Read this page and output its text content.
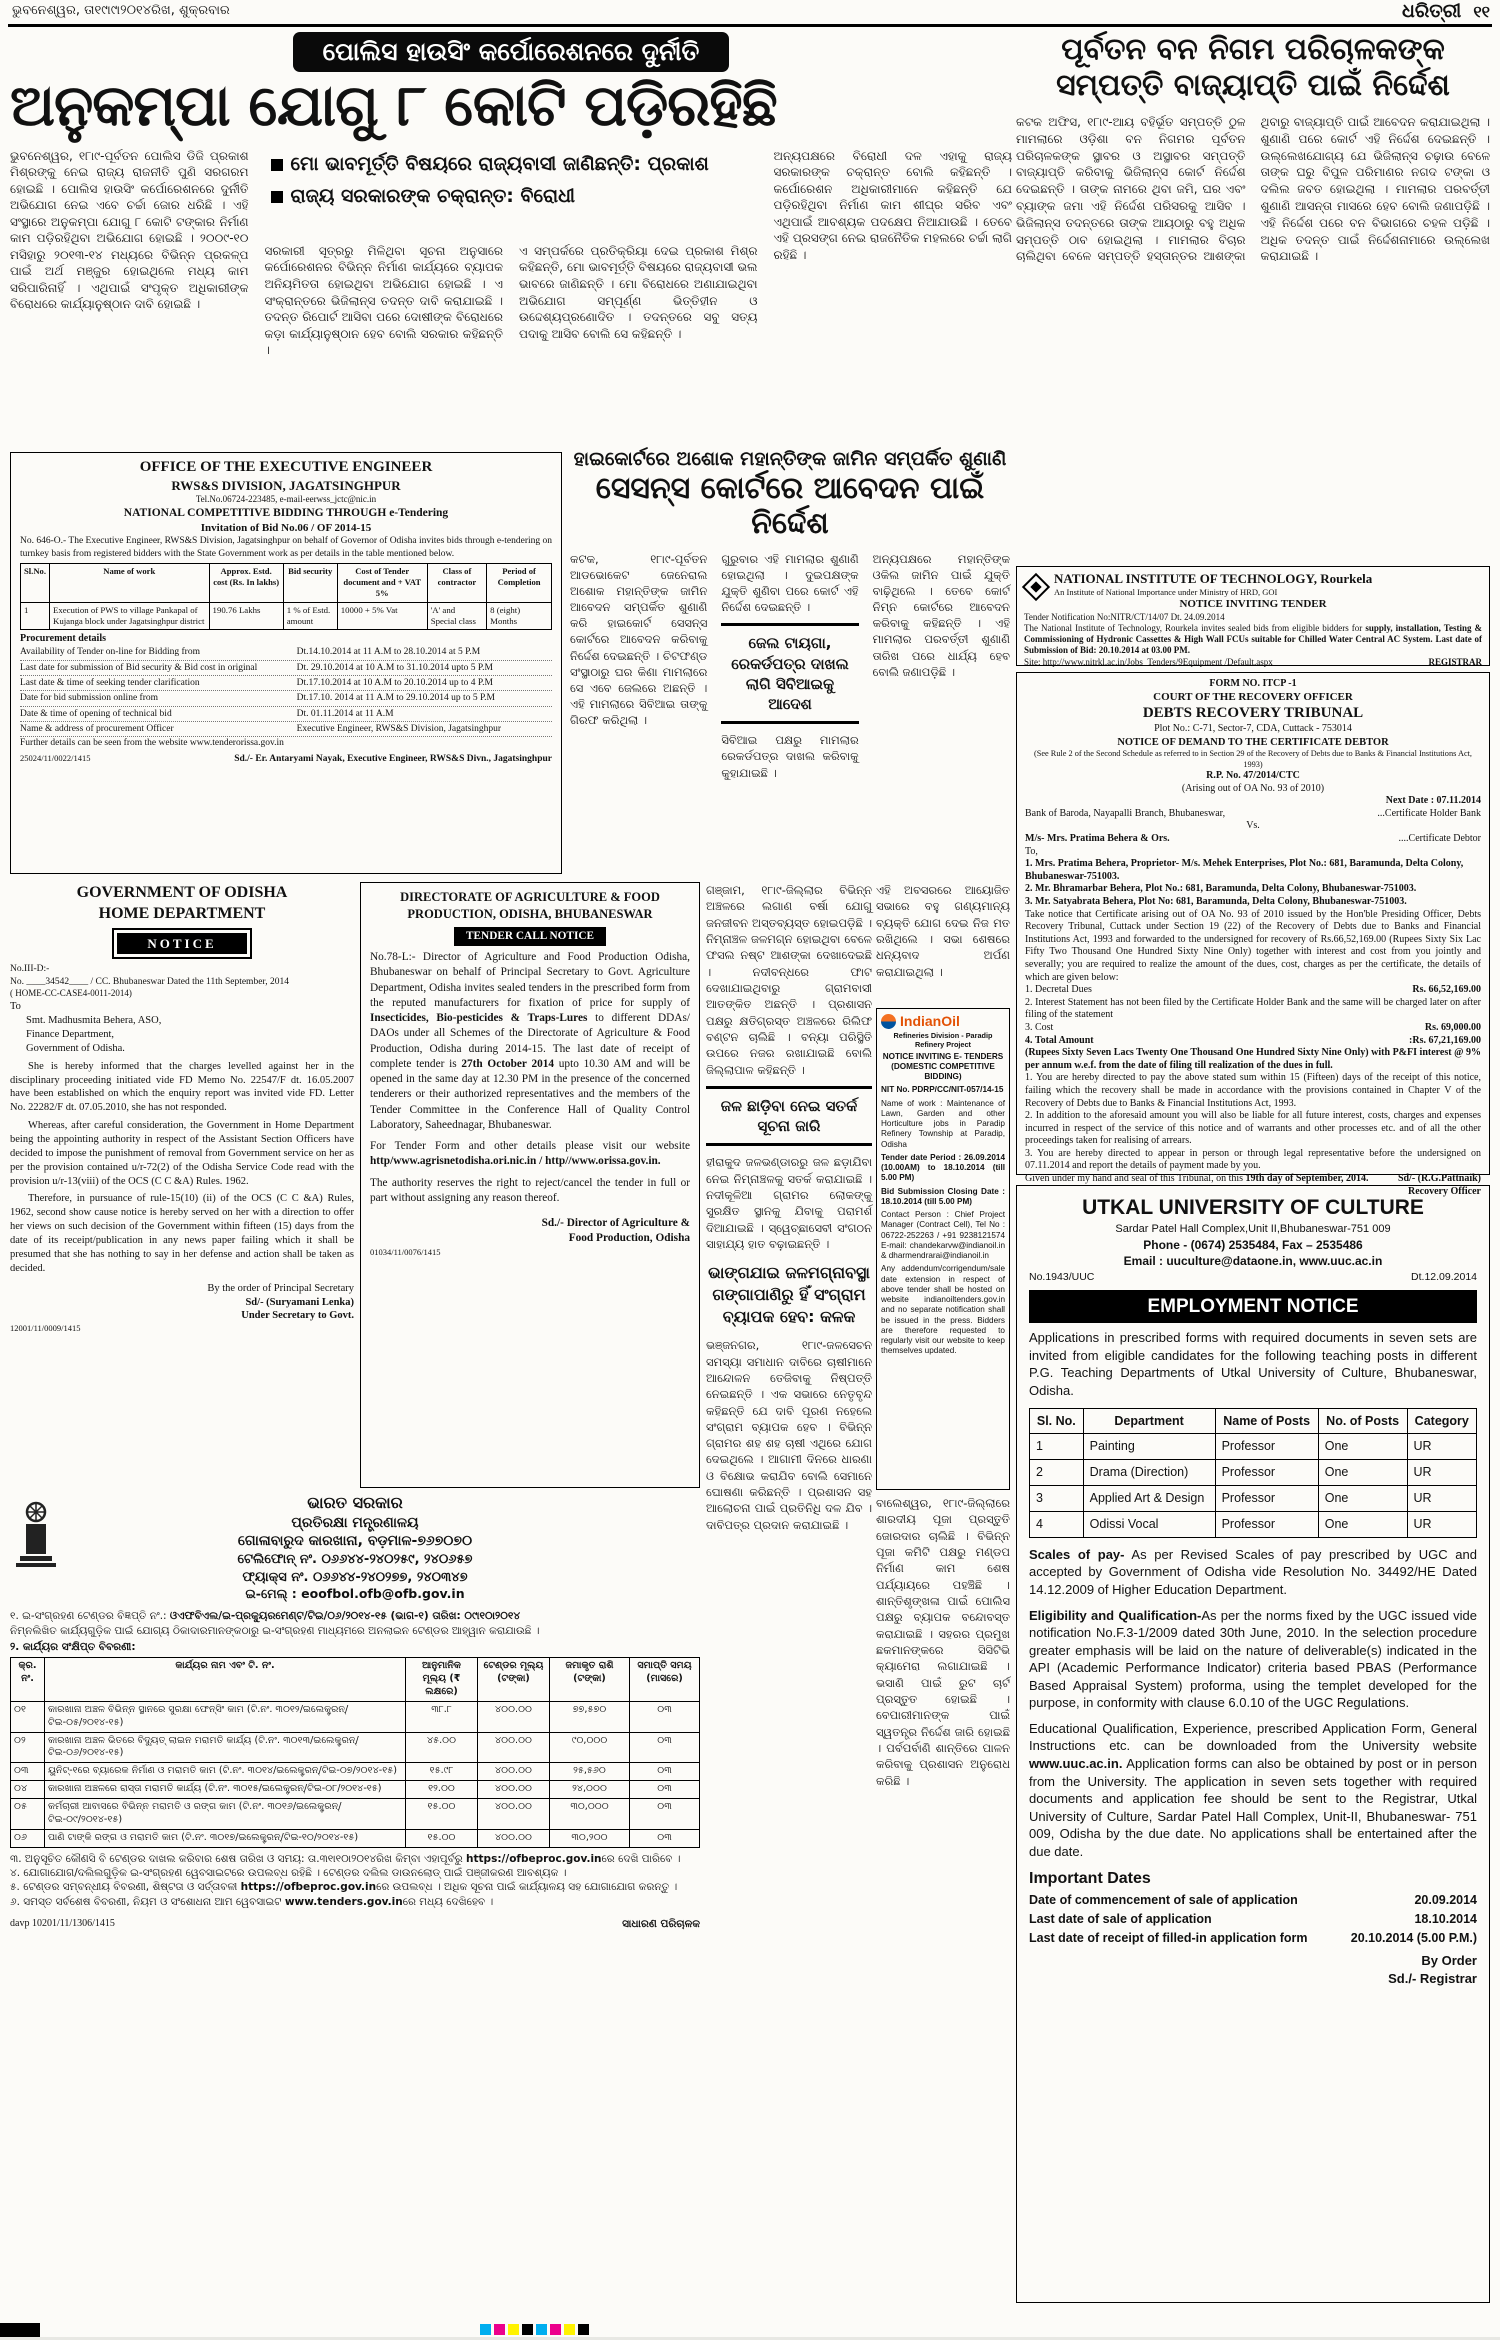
ଭୁବନେଶ୍ୱର, ତା୧୯ା୯ା୨୦୧୪ରିଖ, ଶୁକ୍ରବାର	ଧରିତ୍ରୀ ୧୧
ପୋଲିସ ହାଉସିଂ କର୍ପୋରେଶନରେ ଦୁର୍ନୀତି
ଅନୁକମ୍ପା ଯୋଗୁ ୮ କୋଟି ପଡ଼ିରହିଛି
ଭୁବନେଶ୍ୱର, ୧୮ା୯-ପୂର୍ବତନ ପୋଲିସ ଡିଜି ପ୍ରକାଶ ମିଶ୍ରଙ୍କୁ ନେଇ ରାଜ୍ୟ ରାଜନୀତି ପୁଣି ସରଗରମ ହୋଇଛି । ପୋଲିସ ହାଉସିଂ କର୍ପୋରେଶନରେ ଦୁର୍ନୀତି ଅଭିଯୋଗ ନେଇ ଏବେ ଚର୍ଚ୍ଚା ଜୋର ଧରିଛି । ଏହି ସଂସ୍ଥାରେ ଅନୁକମ୍ପା ଯୋଗୁ ୮ କୋଟି ଟଙ୍କାର ନିର୍ମାଣ କାମ ପଡ଼ିରହିଥିବା ଅଭିଯୋଗ ହୋଇଛି । ୨୦୦୯-୧୦ ମସିହାରୁ ୨୦୧୩-୧୪ ମଧ୍ୟରେ ବିଭିନ୍ନ ପ୍ରକଳ୍ପ ପାଇଁ ଅର୍ଥ ମଞ୍ଜୁର ହୋଇଥିଲେ ମଧ୍ୟ କାମ ସରିପାରିନାହିଁ । ଏଥିପାଇଁ ସଂପୃକ୍ତ ଅଧିକାରୀଙ୍କ ବିରୋଧରେ କାର୍ଯ୍ୟାନୁଷ୍ଠାନ ଦାବି ହୋଇଛି ।
ମୋ ଭାବମୂର୍ତ୍ତି ବିଷୟରେ ରାଜ୍ୟବାସୀ ଜାଣିଛନ୍ତି: ପ୍ରକାଶ
ରାଜ୍ୟ ସରକାରଙ୍କ ଚକ୍ରାନ୍ତ: ବିରୋଧୀ
ସରକାରୀ ସୂତ୍ରରୁ ମିଳିଥିବା ସୂଚନା ଅନୁସାରେ କର୍ପୋରେଶନର ବିଭିନ୍ନ ନିର୍ମାଣ କାର୍ଯ୍ୟରେ ବ୍ୟାପକ ଅନିୟମିତତା ହୋଇଥିବା ଅଭିଯୋଗ ହୋଇଛି । ଏ ସଂକ୍ରାନ୍ତରେ ଭିଜିଲାନ୍ସ ତଦନ୍ତ ଦାବି କରାଯାଇଛି । ତଦନ୍ତ ରିପୋର୍ଟ ଆସିବା ପରେ ଦୋଷୀଙ୍କ ବିରୋଧରେ କଡ଼ା କାର୍ଯ୍ୟାନୁଷ୍ଠାନ ହେବ ବୋଲି ସରକାର କହିଛନ୍ତି ।
ଏ ସମ୍ପର୍କରେ ପ୍ରତିକ୍ରିୟା ଦେଇ ପ୍ରକାଶ ମିଶ୍ର କହିଛନ୍ତି, ମୋ ଭାବମୂର୍ତ୍ତି ବିଷୟରେ ରାଜ୍ୟବାସୀ ଭଲ ଭାବରେ ଜାଣିଛନ୍ତି । ମୋ ବିରୋଧରେ ଅଣାଯାଇଥିବା ଅଭିଯୋଗ ସମ୍ପୂର୍ଣ୍ଣ ଭିତ୍ତିହୀନ ଓ ଉଦ୍ଦେଶ୍ୟପ୍ରଣୋଦିତ । ତଦନ୍ତରେ ସବୁ ସତ୍ୟ ପଦାକୁ ଆସିବ ବୋଲି ସେ କହିଛନ୍ତି ।
ଅନ୍ୟପକ୍ଷରେ ବିରୋଧୀ ଦଳ ଏହାକୁ ରାଜ୍ୟ ସରକାରଙ୍କ ଚକ୍ରାନ୍ତ ବୋଲି କହିଛନ୍ତି । କର୍ପୋରେଶନ ଅଧିକାରୀମାନେ କହିଛନ୍ତି ଯେ ପଡ଼ିରହିଥିବା ନିର୍ମାଣ କାମ ଶୀଘ୍ର ସରିବ ଏବଂ ଏଥିପାଇଁ ଆବଶ୍ୟକ ପଦକ୍ଷେପ ନିଆଯାଉଛି । ତେବେ ଏହି ପ୍ରସଙ୍ଗ ନେଇ ରାଜନୈତିକ ମହଲରେ ଚର୍ଚ୍ଚା ଲାଗି ରହିଛି ।
ପୂର୍ବତନ ବନ ନିଗମ ପରିଚାଳକଙ୍କ
ସମ୍ପତ୍ତି ବାଜ୍ୟାପ୍ତି ପାଇଁ ନିର୍ଦ୍ଦେଶ
କଟକ ଅଫିସ, ୧୮ା୯-ଆୟ ବହିର୍ଭୂତ ସମ୍ପତ୍ତି ଠୁଳ ମାମଲାରେ ଓଡ଼ିଶା ବନ ନିଗମର ପୂର୍ବତନ ପରିଚାଳକଙ୍କ ସ୍ଥାବର ଓ ଅସ୍ଥାବର ସମ୍ପତ୍ତି ବାଜ୍ୟାପ୍ତି କରିବାକୁ ଭିଜିଲାନ୍ସ କୋର୍ଟ ନିର୍ଦ୍ଦେଶ ଦେଇଛନ୍ତି । ତାଙ୍କ ନାମରେ ଥିବା ଜମି, ଘର ଏବଂ ବ୍ୟାଙ୍କ ଜମା ଏହି ନିର୍ଦ୍ଦେଶ ପରିସରକୁ ଆସିବ । ଭିଜିଲାନ୍ସ ତଦନ୍ତରେ ତାଙ୍କ ଆୟଠାରୁ ବହୁ ଅଧିକ ସମ୍ପତ୍ତି ଠାବ ହୋଇଥିଲା । ମାମଲାର ବିଚାର ଚାଲିଥିବା ବେଳେ ସମ୍ପତ୍ତି ହସ୍ତାନ୍ତର ଆଶଙ୍କା ଥିବାରୁ ବାଜ୍ୟାପ୍ତି ପାଇଁ ଆବେଦନ କରାଯାଇଥିଲା । ଶୁଣାଣି ପରେ କୋର୍ଟ ଏହି ନିର୍ଦ୍ଦେଶ ଦେଇଛନ୍ତି । ଉଲ୍ଲେଖଯୋଗ୍ୟ ଯେ ଭିଜିଲାନ୍ସ ଚଢ଼ାଉ ବେଳେ ତାଙ୍କ ଘରୁ ବିପୁଳ ପରିମାଣର ନଗଦ ଟଙ୍କା ଓ ଦଲିଲ ଜବତ ହୋଇଥିଲା । ମାମଲାର ପରବର୍ତ୍ତୀ ଶୁଣାଣି ଆସନ୍ତା ମାସରେ ହେବ ବୋଲି ଜଣାପଡ଼ିଛି । ଏହି ନିର୍ଦ୍ଦେଶ ପରେ ବନ ବିଭାଗରେ ଚହଳ ପଡ଼ିଛି । ଅଧିକ ତଦନ୍ତ ପାଇଁ ନିର୍ଦ୍ଦେଶନାମାରେ ଉଲ୍ଲେଖ କରାଯାଇଛି ।
NATIONAL INSTITUTE OF TECHNOLOGY, Rourkela
An Institute of National Importance under Ministry of HRD, GOI
NOTICE INVITING TENDER
Tender Notification No:NITR/CT/14/07 Dt. 24.09.2014
The National Institute of Technology, Rourkela invites sealed bids from eligible bidders for supply, installation, Testing & Commissioning of Hydronic Cassettes & High Wall FCUs suitable for Chilled Water Central AC System. Last date of Submission of Bid: 20.10.2014 at 03.00 PM.
Site: http://www.nitrkl.ac.in/Jobs_Tenders/9Equipment /Default.aspx	REGISTRAR
FORM NO. ITCP -1
COURT OF THE RECOVERY OFFICER
DEBTS RECOVERY TRIBUNAL
Plot No.: C-71, Sector-7, CDA, Cuttack - 753014
NOTICE OF DEMAND TO THE CERTIFICATE DEBTOR
(See Rule 2 of the Second Schedule as referred to in Section 29 of the Recovery of Debts due to Banks & Financial Institutions Act, 1993)
R.P. No. 47/2014/CTC
(Arising out of OA No. 93 of 2010)
Next Date : 07.11.2014
Bank of Baroda, Nayapalli Branch, Bhubaneswar,	...Certificate Holder Bank
Vs.
M/s- Mrs. Pratima Behera & Ors.	....Certificate Debtor
To,
1. Mrs. Pratima Behera, Proprietor- M/s. Mehek Enterprises, Plot No.: 681, Baramunda, Delta Colony, Bhubaneswar-751003.
2. Mr. Bhramarbar Behera, Plot No.: 681, Baramunda, Delta Colony, Bhubaneswar-751003.
3. Mr. Satyabrata Behera, Plot No: 681, Baramunda, Delta Colony, Bhubaneswar-751003.
Take notice that Certificate arising out of OA No. 93 of 2010 issued by the Hon'ble Presiding Officer, Debts Recovery Tribunal, Cuttack under Section 19 (22) of the Recovery of Debts due to Banks and Financial Institutions Act, 1993 and forwarded to the undersigned for recovery of Rs.66,52,169.00 (Rupees Sixty Six Lac Fifty Two Thousand One Hundred Sixty Nine Only) together with interest and cost from you jointly and severally; you are required to realize the amount of the dues, cost, charges as per the certificate, the details of which are given below:
1. Decretal Dues	Rs. 66,52,169.00
2. Interest Statement has not been filed by the Certificate Holder Bank and the same will be charged later on after filing of the statement
3. Cost	Rs. 69,000.00
4. Total Amount	:Rs. 67,21,169.00
(Rupees Sixty Seven Lacs Twenty One Thousand One Hundred Sixty Nine Only) with P&FI interest @ 9% per annum w.e.f. from the date of filing till realization of the dues in full.
1. You are hereby directed to pay the above stated sum within 15 (Fifteen) days of the receipt of this notice, failing which the recovery shall be made in accordance with the provisions contained in Chapter V of the Recovery of Debts due to Banks & Financial Institutions Act, 1993.
2. In addition to the aforesaid amount you will also be liable for all future interest, costs, charges and expenses incurred in respect of the service of this notice and of warrants and other processes etc. and of all the other proceedings taken for realising of arrears.
3. You are hereby directed to appear in person or through legal representative before the undersigned on 07.11.2014 and report the details of payment made by you.
Given under my hand and seal of this Tribunal, on this 19th day of September, 2014.	Sd/- (R.G.Pattnaik)
Recovery Officer
OFFICE OF THE EXECUTIVE ENGINEER
RWS&S DIVISION, JAGATSINGHPUR
Tel.No.06724-223485, e-mail-eerwss_jctc@nic.in
NATIONAL COMPETITIVE BIDDING THROUGH e-Tendering
Invitation of Bid No.06 / OF 2014-15
No. 646-O.- The Executive Engineer, RWS&S Division, Jagatsinghpur on behalf of Governor of Odisha invites bids through e-tendering on turnkey basis from registered bidders with the State Government work as per details in the table mentioned below.
Sl.No.	Name of work	Approx. Estd. cost (Rs. In lakhs)	Bid security	Cost of Tender document and + VAT 5%	Class of contractor	Period of Completion
1	Execution of PWS to village Pankapal of Kujanga block under Jagatsinghpur district	190.76 Lakhs	1 % of Estd. amount	10000 + 5% Vat	'A' and Special class	8 (eight) Months
Procurement details
Availability of Tender on-line for Bidding from	Dt.14.10.2014 at 11 A.M to 28.10.2014 at 5 P.M
Last date for submission of Bid security & Bid cost in original	Dt. 29.10.2014 at 10 A.M to 31.10.2014 upto 5 P.M
Last date & time of seeking tender clarification	Dt.17.10.2014 at 10 A.M to 20.10.2014 up to 4 P.M
Date for bid submission online from	Dt.17.10. 2014 at 11 A.M to 29.10.2014 up to 5 P.M
Date & time of opening of technical bid	Dt. 01.11.2014 at 11 A.M
Name & address of procurement Officer	Executive Engineer, RWS&S Division, Jagatsinghpur
Further details can be seen from the website www.tenderorissa.gov.in
25024/11/0022/1415	Sd./- Er. Antaryami Nayak, Executive Engineer, RWS&S Divn., Jagatsinghpur
ହାଇକୋର୍ଟରେ ଅଶୋକ ମହାନ୍ତିଙ୍କ ଜାମିନ ସମ୍ପର୍କିତ ଶୁଣାଣି
ସେସନ୍ସ କୋର୍ଟରେ ଆବେଦନ ପାଇଁ ନିର୍ଦ୍ଦେଶ
କଟକ, ୧୮ା୯-ପୂର୍ବତନ ଆଡଭୋକେଟ ଜେନେରାଲ ଅଶୋକ ମହାନ୍ତିଙ୍କ ଜାମିନ ଆବେଦନ ସମ୍ପର୍କିତ ଶୁଣାଣି କରି ହାଇକୋର୍ଟ ସେସନ୍ସ କୋର୍ଟରେ ଆବେଦନ କରିବାକୁ ନିର୍ଦ୍ଦେଶ ଦେଇଛନ୍ତି । ଚିଟଫଣ୍ଡ ସଂସ୍ଥାଠାରୁ ଘର କିଣା ମାମଲାରେ ସେ ଏବେ ଜେଲରେ ଅଛନ୍ତି । ଏହି ମାମଲାରେ ସିବିଆଇ ତାଙ୍କୁ ଗିରଫ କରିଥିଲା ।
ଗୁରୁବାର ଏହି ମାମଲାର ଶୁଣାଣି ହୋଇଥିଲା । ଦୁଇପକ୍ଷଙ୍କ ଯୁକ୍ତି ଶୁଣିବା ପରେ କୋର୍ଟ ଏହି ନିର୍ଦ୍ଦେଶ ଦେଇଛନ୍ତି ।
ଜେଲ ଟାୟଗା, ରେକର୍ଡପତ୍ର ଦାଖଲ ଲାଗି ସିବିଆଇକୁ ଆଦେଶ
ସିବିଆଇ ପକ୍ଷରୁ ମାମଲାର ରେକର୍ଡପତ୍ର ଦାଖଲ କରିବାକୁ କୁହାଯାଇଛି ।
ଅନ୍ୟପକ୍ଷରେ ମହାନ୍ତିଙ୍କ ଓକିଲ ଜାମିନ ପାଇଁ ଯୁକ୍ତି ବାଢ଼ିଥିଲେ । ତେବେ କୋର୍ଟ ନିମ୍ନ କୋର୍ଟରେ ଆବେଦନ କରିବାକୁ କହିଛନ୍ତି । ଏହି ମାମଲାର ପରବର୍ତ୍ତୀ ଶୁଣାଣି ତାରିଖ ପରେ ଧାର୍ଯ୍ୟ ହେବ ବୋଲି ଜଣାପଡ଼ିଛି ।
GOVERNMENT OF ODISHA
HOME DEPARTMENT
NOTICE
No.III-D:-
No. ____34542____ / CC. Bhubaneswar Dated the 11th September, 2014
( HOME-CC-CASE4-0011-2014)
To
Smt. Madhusmita Behera, ASO,
Finance Department,
Government of Odisha.

She is hereby informed that the charges levelled against her in the disciplinary proceeding initiated vide FD Memo No. 22547/F dt. 16.05.2007 have been established on which the enquiry report was invited vide FD. Letter No. 22282/F dt. 07.05.2010, she has not responded.

Whereas, after careful consideration, the Government in Home Department being the appointing authority in respect of the Assistant Section Officers have decided to impose the punishment of removal from Government service on her as per the provision contained u/r-72(2) of the Odisha Service Code read with the provision u/r-13(viii) of the OCS (C C &A) Rules. 1962.

Therefore, in pursuance of rule-15(10) (ii) of the OCS (C C &A) Rules, 1962, second show cause notice is hereby served on her with a direction to offer her views on such decision of the Government within fifteen (15) days from the date of its receipt/publication in any news paper failing which it shall be presumed that she has nothing to say in her defense and action shall be taken as decided.

By the order of Principal Secretary
Sd/- (Suryamani Lenka)
Under Secretary to Govt.
12001/11/0009/1415
DIRECTORATE OF AGRICULTURE & FOOD
PRODUCTION, ODISHA, BHUBANESWAR
TENDER CALL NOTICE
No.78-L:- Director of Agriculture and Food Production Odisha, Bhubaneswar on behalf of Principal Secretary to Govt. Agriculture Department, Odisha invites sealed tenders in the prescribed form from the reputed manufacturers for fixation of price for supply of Insecticides, Bio-pesticides & Traps-Lures to different DDAs/ DAOs under all Schemes of the Directorate of Agriculture & Food Production, Odisha during 2014-15. The last date of receipt of complete tender is 27th October 2014 upto 10.30 AM and will be opened in the same day at 12.30 PM in the presence of the concerned tenderers or their authorized representatives and the members of the Tender Committee in the Conference Hall of Quality Control Laboratory, Saheednagar, Bhubaneswar.
For Tender Form and other details please visit our website http/www.agrisnetodisha.ori.nic.in / http//www.orissa.gov.in.
The authority reserves the right to reject/cancel the tender in full or part without assigning any reason thereof.
Sd./- Director of Agriculture &
Food Production, Odisha
01034/11/0076/1415
ଗଞ୍ଜାମ, ୧୮ା୯-ଜିଲ୍ଲାର ବିଭିନ୍ନ ଅଞ୍ଚଳରେ ଲଗାଣ ବର୍ଷା ଯୋଗୁ ଜନଜୀବନ ଅସ୍ତବ୍ୟସ୍ତ ହୋଇପଡ଼ିଛି । ନିମ୍ନାଞ୍ଚଳ ଜଳମଗ୍ନ ହୋଇଥିବା ବେଳେ ଫସଲ ନଷ୍ଟ ଆଶଙ୍କା ଦେଖାଦେଇଛି । ନଦୀବନ୍ଧରେ ଫାଟ ଦେଖାଯାଇଥିବାରୁ ଗ୍ରାମବାସୀ ଆତଙ୍କିତ ଅଛନ୍ତି । ପ୍ରଶାସନ ପକ୍ଷରୁ କ୍ଷତିଗ୍ରସ୍ତ ଅଞ୍ଚଳରେ ରିଲିଫ ବଣ୍ଟନ ଚାଲିଛି । ବନ୍ୟା ପରିସ୍ଥିତି ଉପରେ ନଜର ରଖାଯାଇଛି ବୋଲି ଜିଲ୍ଲାପାଳ କହିଛନ୍ତି ।
ଜଳ ଛାଡ଼ିବା ନେଇ ସତର୍କ ସୂଚନା ଜାରି
ହୀରାକୁଦ ଜଳଭଣ୍ଡାରରୁ ଜଳ ଛଡ଼ାଯିବା ନେଇ ନିମ୍ନାଞ୍ଚଳକୁ ସତର୍କ କରାଯାଇଛି । ନଦୀକୂଳିଆ ଗ୍ରାମର ଲୋକଙ୍କୁ ସୁରକ୍ଷିତ ସ୍ଥାନକୁ ଯିବାକୁ ପରାମର୍ଶ ଦିଆଯାଇଛି । ସ୍ୱେଚ୍ଛାସେବୀ ସଂଗଠନ ସାହାଯ୍ୟ ହାତ ବଢ଼ାଇଛନ୍ତି ।
ଭାଙ୍ଗଯାଇ ଜଳମଗ୍ନାବସ୍ଥା
ଗଙ୍ଗାପାଣିରୁ ହିଁ ସଂଗ୍ରାମ
ବ୍ୟାପକ ହେବ: କଳକ
ଭଞ୍ଜନଗର, ୧୮ା୯-ଜଳସେଚନ ସମସ୍ୟା ସମାଧାନ ଦାବିରେ ଚାଷୀମାନେ ଆନ୍ଦୋଳନ ତେଜିବାକୁ ନିଷ୍ପତ୍ତି ନେଇଛନ୍ତି । ଏକ ସଭାରେ ନେତୃବୃନ୍ଦ କହିଛନ୍ତି ଯେ ଦାବି ପୂରଣ ନହେଲେ ସଂଗ୍ରାମ ବ୍ୟାପକ ହେବ । ବିଭିନ୍ନ ଗ୍ରାମର ଶହ ଶହ ଚାଷୀ ଏଥିରେ ଯୋଗ ଦେଇଥିଲେ । ଆଗାମୀ ଦିନରେ ଧାରଣା ଓ ବିକ୍ଷୋଭ କରାଯିବ ବୋଲି ସେମାନେ ଘୋଷଣା କରିଛନ୍ତି । ପ୍ରଶାସନ ସହ ଆଲୋଚନା ପାଇଁ ପ୍ରତିନିଧି ଦଳ ଯିବ । ଦାବିପତ୍ର ପ୍ରଦାନ କରାଯାଇଛି ।
ଏହି ଅବସରରେ ଆୟୋଜିତ ସଭାରେ ବହୁ ଗଣ୍ୟମାନ୍ୟ ବ୍ୟକ୍ତି ଯୋଗ ଦେଇ ନିଜ ମତ ରଖିଥିଲେ । ସଭା ଶେଷରେ ଧନ୍ୟବାଦ ଅର୍ପଣ କରାଯାଇଥିଲା ।
IndianOil
Refineries Division - Paradip Refinery Project
NOTICE INVITING E- TENDERS
(DOMESTIC COMPETITIVE BIDDING)
NIT No. PDRP/CC/NIT-057/14-15
Name of work : Maintenance of Lawn, Garden and other Horticulture jobs in Paradip Refinery Township at Paradip, Odisha
Tender date Period : 26.09.2014 (10.00AM) to 18.10.2014 (till 5.00 PM)
Bid Submission Closing Date : 18.10.2014 (till 5.00 PM)
Contact Person : Chief Project Manager (Contract Cell), Tel No : 06722-252263 / +91 9238121574 E-mail: chandekarvw@indianoil.in & dharmendrarai@indianoil.in
Any addendum/corrigendum/sale date extension in respect of above tender shall be hosted on website indianoiltenders.gov.in and no separate notification shall be issued in the press. Bidders are therefore requested to regularly visit our website to keep themselves updated.
ବାଲେଶ୍ୱର, ୧୮ା୯-ଜିଲ୍ଲାରେ ଶାରଦୀୟ ପୂଜା ପ୍ରସ୍ତୁତି ଜୋରଦାର ଚାଲିଛି । ବିଭିନ୍ନ ପୂଜା କମିଟି ପକ୍ଷରୁ ମଣ୍ଡପ ନିର୍ମାଣ କାମ ଶେଷ ପର୍ଯ୍ୟାୟରେ ପହଞ୍ଚିଛି । ଶାନ୍ତିଶୃଙ୍ଖଳା ପାଇଁ ପୋଲିସ ପକ୍ଷରୁ ବ୍ୟାପକ ବନ୍ଦୋବସ୍ତ କରାଯାଇଛି । ସହରର ପ୍ରମୁଖ ଛକମାନଙ୍କରେ ସିସିଟିଭି କ୍ୟାମେରା ଲଗାଯାଇଛି । ଭସାଣି ପାଇଁ ରୁଟ ଚାର୍ଟ ପ୍ରସ୍ତୁତ ହୋଇଛି । ବେପାରୀମାନଙ୍କ ପାଇଁ ସ୍ୱତନ୍ତ୍ର ନିର୍ଦ୍ଦେଶ ଜାରି ହୋଇଛି । ପର୍ବପର୍ବାଣି ଶାନ୍ତିରେ ପାଳନ କରିବାକୁ ପ୍ରଶାସନ ଅନୁରୋଧ କରିଛି ।
UTKAL UNIVERSITY OF CULTURE
Sardar Patel Hall Complex,Unit II,Bhubaneswar-751 009
Phone - (0674) 2535484, Fax – 2535486
Email : uuculture@dataone.in, www.uuc.ac.in
No.1943/UUC	Dt.12.09.2014
EMPLOYMENT NOTICE
Applications in prescribed forms with required documents in seven sets are invited from eligible candidates for the following teaching posts in different P.G. Teaching Departments of Utkal University of Culture, Bhubaneswar, Odisha.
Sl. No.	Department	Name of Posts	No. of Posts	Category
1	Painting	Professor	One	UR
2	Drama (Direction)	Professor	One	UR
3	Applied Art & Design	Professor	One	UR
4	Odissi Vocal	Professor	One	UR
Scales of pay- As per Revised Scales of pay prescribed by UGC and accepted by Government of Odisha vide Resolution No. 34492/HE Dated 14.12.2009 of Higher Education Department.
Eligibility and Qualification-As per the norms fixed by the UGC issued vide notification No.F.3-1/2009 dated 30th June, 2010. In the selection procedure greater emphasis will be laid on the nature of deliverable(s) indicated in the API (Academic Performance Indicator) criteria based PBAS (Performance Based Appraisal System) proforma, using the templet developed for the purpose, in conformity with clause 6.0.10 of the UGC Regulations.
Educational Qualification, Experience, prescribed Application Form, General Instructions etc. can be downloaded from the University website www.uuc.ac.in. Application forms can also be obtained by post or in person from the University. The application in seven sets together with required documents and application fee should be sent to the Registrar, Utkal University of Culture, Sardar Patel Hall Complex, Unit-II, Bhubaneswar- 751 009, Odisha by the due date. No applications shall be entertained after the due date.
Important Dates
Date of commencement of sale of application	20.09.2014
Last date of sale of application	18.10.2014
Last date of receipt of filled-in application form	20.10.2014 (5.00 P.M.)
By Order
Sd./- Registrar
ଭାରତ ସରକାର
ପ୍ରତିରକ୍ଷା ମନ୍ତ୍ରଣାଳୟ
ଗୋଳାବାରୁଦ କାରଖାନା, ବଡ଼ମାଳ-୭୬୭୦୭୦
ଟେଲିଫୋନ୍ ନଂ. ୦୬୬୪୪-୨୪୦୨୫୯, ୨୪୦୬୫୭
ଫ୍ୟାକ୍ସ ନଂ. ୦୬୬୪୪-୨୪୦୨୭୭, ୨୪୦୩୪୭
ଇ-ମେଲ୍ : eoofbol.ofb@ofb.gov.in
୧. ଇ-ସଂଗ୍ରହଣ ଟେଣ୍ଡର ବିଜ୍ଞପ୍ତି ନଂ.: ଓଏଫବିଏଲ/ଇ-ପ୍ରକ୍ୟୁରମେଣ୍ଟ/ଟିଇ/୦୬/୨୦୧୪-୧୫ (ଭାଗ-୧) ତାରିଖ: ୦୯ା୧୦ା୨୦୧୪
ନିମ୍ନଲିଖିତ କାର୍ଯ୍ୟଗୁଡ଼ିକ ପାଇଁ ଯୋଗ୍ୟ ଠିକାଦାରମାନଙ୍କଠାରୁ ଇ-ସଂଗ୍ରହଣ ମାଧ୍ୟମରେ ଅନଲାଇନ ଟେଣ୍ଡର ଆହ୍ୱାନ କରାଯାଉଛି ।
୨. କାର୍ଯ୍ୟର ସଂକ୍ଷିପ୍ତ ବିବରଣୀ:
କ୍ର. ନଂ.	କାର୍ଯ୍ୟର ନାମ ଏବଂ ଟି. ନଂ.	ଆନୁମାନିକ ମୂଲ୍ୟ (₹ ଲକ୍ଷରେ)	ଟେଣ୍ଡର ମୂଲ୍ୟ (ଟଙ୍କା)	ଜମାକୃତ ରାଶି (ଟଙ୍କା)	ସମାପ୍ତି ସମୟ (ମାସରେ)
୦୧	କାରଖାନା ଅଞ୍ଚଳ ବିଭିନ୍ନ ସ୍ଥାନରେ ସୁରକ୍ଷା ଫେନ୍ସିଂ କାମ (ଟି.ନଂ. ୩୦୧୨/ଇଲେକ୍ଟ୍ରନ୍/ଟିଇ-୦୫/୨୦୧୪-୧୫)	୩୮.୮	୪୦୦.୦୦	୭୭,୫୭୦	୦୩
୦୨	କାରଖାନା ଅଞ୍ଚଳ ଭିତରେ ବିଦ୍ୟୁତ୍ ଲାଇନ ମରାମତି କାର୍ଯ୍ୟ (ଟି.ନଂ. ୩୦୧୩/ଇଲେକ୍ଟ୍ରନ୍/ଟିଇ-୦୬/୨୦୧୪-୧୫)	୪୫.୦୦	୪୦୦.୦୦	୯୦,୦୦୦	୦୩
୦୩	ୟୁନିଟ୍-୧ରେ ବ୍ୟାରେକ ନିର୍ମାଣ ଓ ମରାମତି କାମ (ଟି.ନଂ. ୩୦୧୪/ଇଲେକ୍ଟ୍ରନ୍/ଟିଇ-୦୭/୨୦୧୪-୧୫)	୧୫.୯୮	୪୦୦.୦୦	୨୫,୫୬୦	୦୩
୦୪	କାରଖାନା ଅଞ୍ଚଳରେ ରାସ୍ତା ମରାମତି କାର୍ଯ୍ୟ (ଟି.ନଂ. ୩୦୧୫/ଇଲେକ୍ଟ୍ରନ୍/ଟିଇ-୦୮/୨୦୧୪-୧୫)	୧୨.୦୦	୪୦୦.୦୦	୨୪,୦୦୦	୦୩
୦୫	କର୍ମଚାରୀ ଆବାସରେ ବିଭିନ୍ନ ମରାମତି ଓ ରଙ୍ଗ କାମ (ଟି.ନଂ. ୩୦୧୬/ଇଲେକ୍ଟ୍ରନ୍/ଟିଇ-୦୯/୨୦୧୪-୧୫)	୧୫.୦୦	୪୦୦.୦୦	୩୦,୦୦୦	୦୩
୦୬	ପାଣି ଟାଙ୍କି ରଙ୍ଗ ଓ ମରାମତି କାମ (ଟି.ନଂ. ୩୦୧୭/ଇଲେକ୍ଟ୍ରନ୍/ଟିଇ-୧୦/୨୦୧୪-୧୫)	୧୫.୦୦	୪୦୦.୦୦	୩୦,୨୦୦	୦୩
୩. ଅନୁସୂଚିତ କୌଣସି ବି ଟେଣ୍ଡର ଦାଖଲ କରିବାର ଶେଷ ତାରିଖ ଓ ସମୟ: ତା.୩୧ା୧୦ା୨୦୧୪ରିଖ କିମ୍ବା ଏହାପୂର୍ବରୁ https://ofbeproc.gov.inରେ ଦେଖି ପାରିବେ ।
୪. ଯୋଗାଯୋଗ/ଦଲିଲଗୁଡ଼ିକ ଇ-ସଂଗ୍ରହଣ ୱେବସାଇଟରେ ଉପଲବ୍ଧ ରହିଛି । ଟେଣ୍ଡର ଦଲିଲ ଡାଉନଲୋଡ୍ ପାଇଁ ପଞ୍ଜୀକରଣ ଆବଶ୍ୟକ ।
୫. ଟେଣ୍ଡର ସମ୍ବନ୍ଧୀୟ ବିବରଣୀ, ଶିଷ୍ଟତା ଓ ସର୍ତ୍ତାବଳୀ https://ofbeproc.gov.inରେ ଉପଲବ୍ଧ । ଅଧିକ ସୂଚନା ପାଇଁ କାର୍ଯ୍ୟାଳୟ ସହ ଯୋଗାଯୋଗ କରନ୍ତୁ ।
୬. ସମସ୍ତ ସର୍ବଶେଷ ବିବରଣୀ, ନିୟମ ଓ ସଂଶୋଧନା ଆମ ୱେବସାଇଟ www.tenders.gov.inରେ ମଧ୍ୟ ଦେଖିହେବ ।
davp 10201/11/1306/1415	ସାଧାରଣ ପରିଚାଳକ
